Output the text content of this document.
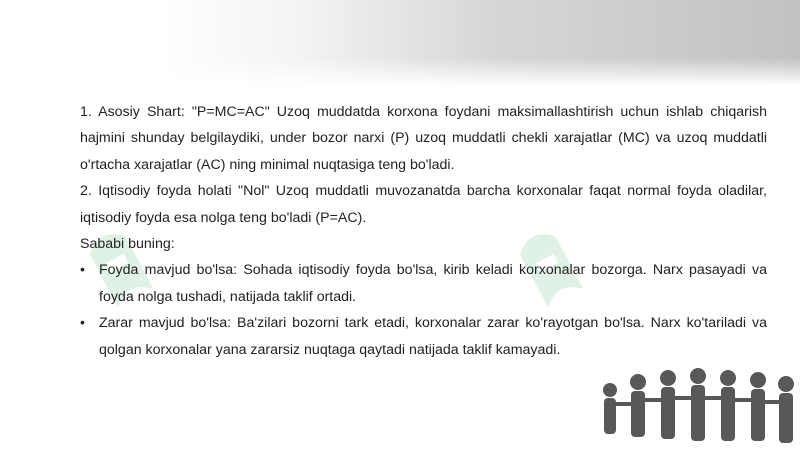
1. Asosiy Shart: "P=MC=AC" Uzoq muddatda korxona foydani maksimallashtirish uchun ishlab chiqarish hajmini shunday belgilaydiki, under bozor narxi (P) uzoq muddatli chekli xarajatlar (MC) va uzoq muddatli o'rtacha xarajatlar (AC) ning minimal nuqtasiga teng bo'ladi.

2. Iqtisodiy foyda holati "Nol" Uzoq muddatli muvozanatda barcha korxonalar faqat normal foyda oladilar, iqtisodiy foyda esa nolga teng bo'ladi (P=AC).

Sababi buning:

• Foyda mavjud bo'lsa: Sohada iqtisodiy foyda bo'lsa, kirib keladi korxonalar bozorga. Narx pasayadi va foyda nolga tushadi, natijada taklif ortadi.

• Zarar mavjud bo'lsa: Ba'zilari bozorni tark etadi, korxonalar zarar ko'rayotgan bo'lsa. Narx ko'tariladi va qolgan korxonalar yana zararsiz nuqtaga qaytadi natijada taklif kamayadi.
